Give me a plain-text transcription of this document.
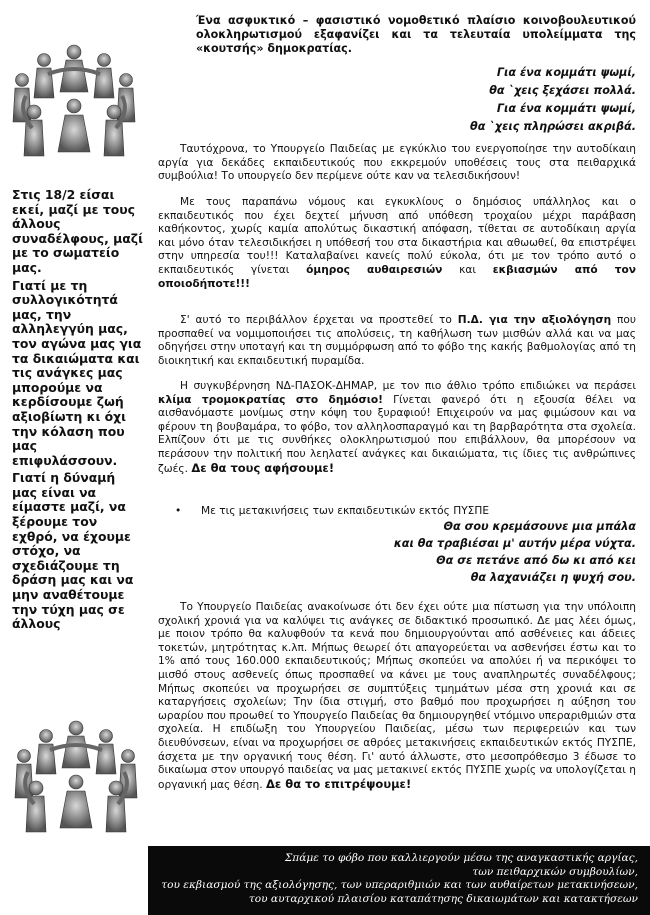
Ένα ασφυκτικό – φασιστικό νομοθετικό πλαίσιο κοινοβουλευτικού ολοκληρωτισμού εξαφανίζει και τα τελευταία υπολείμματα της «κουτσής» δημοκρατίας.
Για ένα κομμάτι ψωμί,
θα `χεις ξεχάσει πολλά.
Για ένα κομμάτι ψωμί,
θα `χεις πληρώσει ακριβά.

Στις 18/2 είσαι εκεί, μαζί με τους άλλους συναδέλφους, μαζί με το σωματείο μας.

Γιατί με τη συλλογικότητά μας, την αλληλεγγύη μας, τον αγώνα μας για τα δικαιώματα και τις ανάγκες μας μπορούμε να κερδίσουμε ζωή αξιοβίωτη κι όχι την κόλαση που μας επιφυλάσσουν.

Γιατί η δύναμή μας είναι να είμαστε μαζί, να ξέρουμε τον εχθρό, να έχουμε στόχο, να σχεδιάζουμε τη δράση μας και να μην αναθέτουμε την τύχη μας σε άλλους

Ταυτόχρονα, το Υπουργείο Παιδείας με εγκύκλιο του ενεργοποίησε την αυτοδίκαιη αργία για δεκάδες εκπαιδευτικούς που εκκρεμούν υποθέσεις τους στα πειθαρχικά συμβούλια! Το υπουργείο δεν περίμενε ούτε καν να τελεσιδικήσουν!

Με τους παραπάνω νόμους και εγκυκλίους ο δημόσιος υπάλληλος και ο εκπαιδευτικός που έχει δεχτεί μήνυση από υπόθεση τροχαίου μέχρι παράβαση καθήκοντος, χωρίς καμία απολύτως δικαστική απόφαση, τίθεται σε αυτοδίκαιη αργία και μόνο όταν τελεσιδικήσει η υπόθεσή του στα δικαστήρια και αθωωθεί, θα επιστρέψει στην υπηρεσία του!!! Καταλαβαίνει κανείς πολύ εύκολα, ότι με τον τρόπο αυτό ο εκπαιδευτικός γίνεται όμηρος αυθαιρεσιών και εκβιασμών από τον οποιοδήποτε!!!

Σ' αυτό το περιβάλλον έρχεται να προστεθεί το Π.Δ. για την αξιολόγηση που προσπαθεί να νομιμοποιήσει τις απολύσεις, τη καθήλωση των μισθών αλλά και να μας οδηγήσει στην υποταγή και τη συμμόρφωση από το φόβο της κακής βαθμολογίας από τη διοικητική και εκπαιδευτική πυραμίδα.

Η συγκυβέρνηση ΝΔ-ΠΑΣΟΚ-ΔΗΜΑΡ, με τον πιο άθλιο τρόπο επιδιώκει να περάσει κλίμα τρομοκρατίας στο δημόσιο! Γίνεται φανερό ότι η εξουσία θέλει να αισθανόμαστε μονίμως στην κόψη του ξυραφιού! Επιχειρούν να μας φιμώσουν και να φέρουν τη βουβαμάρα, το φόβο, τον αλληλοσπαραγμό και τη βαρβαρότητα στα σχολεία. Ελπίζουν ότι με τις συνθήκες ολοκληρωτισμού που επιβάλλουν, θα μπορέσουν να περάσουν την πολιτική που λεηλατεί ανάγκες και δικαιώματα, τις ίδιες τις ανθρώπινες ζωές. Δε θα τους αφήσουμε!

• Με τις μετακινήσεις των εκπαιδευτικών εκτός ΠΥΣΠΕ
Θα σου κρεμάσουνε μια μπάλα
και θα τραβιέσαι μ' αυτήν μέρα νύχτα.
Θα σε πετάνε από δω κι από κει
θα λαχανιάζει η ψυχή σου.

Το Υπουργείο Παιδείας ανακοίνωσε ότι δεν έχει ούτε μια πίστωση για την υπόλοιπη σχολική χρονιά για να καλύψει τις ανάγκες σε διδακτικό προσωπικό. Δε μας λέει όμως, με ποιον τρόπο θα καλυφθούν τα κενά που δημιουργούνται από ασθένειες και άδειες τοκετών, μητρότητας κ.λπ. Μήπως θεωρεί ότι απαγορεύεται να ασθενήσει έστω και το 1% από τους 160.000 εκπαιδευτικούς; Μήπως σκοπεύει να απολύει ή να περικόψει το μισθό στους ασθενείς όπως προσπαθεί να κάνει με τους αναπληρωτές συναδέλφους; Μήπως σκοπεύει να προχωρήσει σε συμπτύξεις τμημάτων μέσα στη χρονιά και σε καταργήσεις σχολείων; Την ίδια στιγμή, στο βαθμό που προχωρήσει η αύξηση του ωραρίου που προωθεί το Υπουργείο Παιδείας θα δημιουργηθεί ντόμινο υπεραριθμιών στα σχολεία. Η επιδίωξη του Υπουργείου Παιδείας, μέσω των περιφερειών και των διευθύνσεων, είναι να προχωρήσει σε αθρόες μετακινήσεις εκπαιδευτικών εκτός ΠΥΣΠΕ, άσχετα με την οργανική τους θέση. Γι' αυτό άλλωστε, στο μεσοπρόθεσμο 3 έδωσε το δικαίωμα στον υπουργό παιδείας να μας μετακινεί εκτός ΠΥΣΠΕ χωρίς να υπολογίζεται η οργανική μας θέση. Δε θα το επιτρέψουμε!

Σπάμε το φόβο που καλλιεργούν μέσω της αναγκαστικής αργίας,
των πειθαρχικών συμβουλίων,
του εκβιασμού της αξιολόγησης, των υπεραριθμιών και των αυθαίρετων μετακινήσεων,
του αυταρχικού πλαισίου καταπάτησης δικαιωμάτων και κατακτήσεων
